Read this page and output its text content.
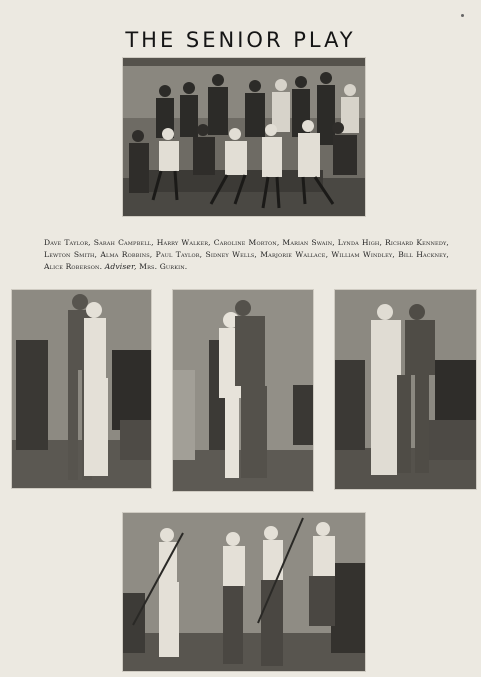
THE SENIOR PLAY

Dave Taylor, Sarah Campbell, Harry Walker, Caroline Morton, Marian Swain, Lynda High, Richard Kennedy, Lewton Smith, Alma Robbins, Paul Taylor, Sidney Wells, Marjorie Wallace, William Windley, Bill Hackney, Alice Roberson. Adviser, Mrs. Gurkin.
